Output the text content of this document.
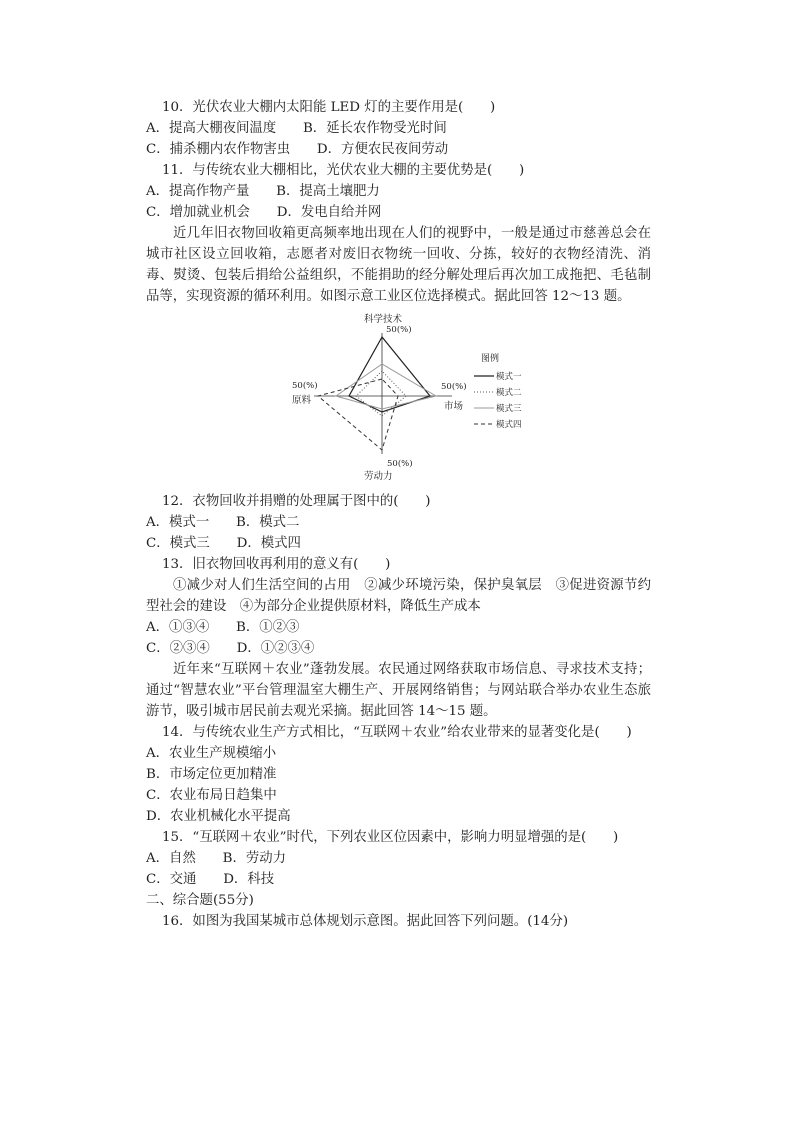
10．光伏农业大棚内太阳能 LED 灯的主要作用是(　　)
A．提高大棚夜间温度　　B．延长农作物受光时间
C．捕杀棚内农作物害虫　　D．方便农民夜间劳动
11．与传统农业大棚相比，光伏农业大棚的主要优势是(　　)
A．提高作物产量　　B．提高土壤肥力
C．增加就业机会　　D．发电自给并网
近几年旧衣物回收箱更高频率地出现在人们的视野中，一般是通过市慈善总会在城市社区设立回收箱，志愿者对废旧衣物统一回收、分拣，较好的衣物经清洗、消毒、熨烫、包装后捐给公益组织，不能捐助的经分解处理后再次加工成拖把、毛毡制品等，实现资源的循环利用。如图示意工业区位选择模式。据此回答 12～13 题。
科学技术
50(%)
50(%)
原料
50(%)
市场
50(%)
劳动力
图例
模式一
模式二
模式三
模式四
12．衣物回收并捐赠的处理属于图中的(　　)
A．模式一　　B．模式二
C．模式三　　D．模式四
13．旧衣物回收再利用的意义有(　　)
①减少对人们生活空间的占用　②减少环境污染，保护臭氧层　③促进资源节约型社会的建设　④为部分企业提供原材料，降低生产成本
A．①③④　　B．①②③
C．②③④　　D．①②③④
近年来“互联网＋农业”蓬勃发展。农民通过网络获取市场信息、寻求技术支持；通过“智慧农业”平台管理温室大棚生产、开展网络销售；与网站联合举办农业生态旅游节，吸引城市居民前去观光采摘。据此回答 14～15 题。
14．与传统农业生产方式相比，“互联网＋农业”给农业带来的显著变化是(　　)
A．农业生产规模缩小
B．市场定位更加精准
C．农业布局日趋集中
D．农业机械化水平提高
15．“互联网＋农业”时代，下列农业区位因素中，影响力明显增强的是(　　)
A．自然　　B．劳动力
C．交通　　D．科技
二、综合题(55分)
16．如图为我国某城市总体规划示意图。据此回答下列问题。(14分)
